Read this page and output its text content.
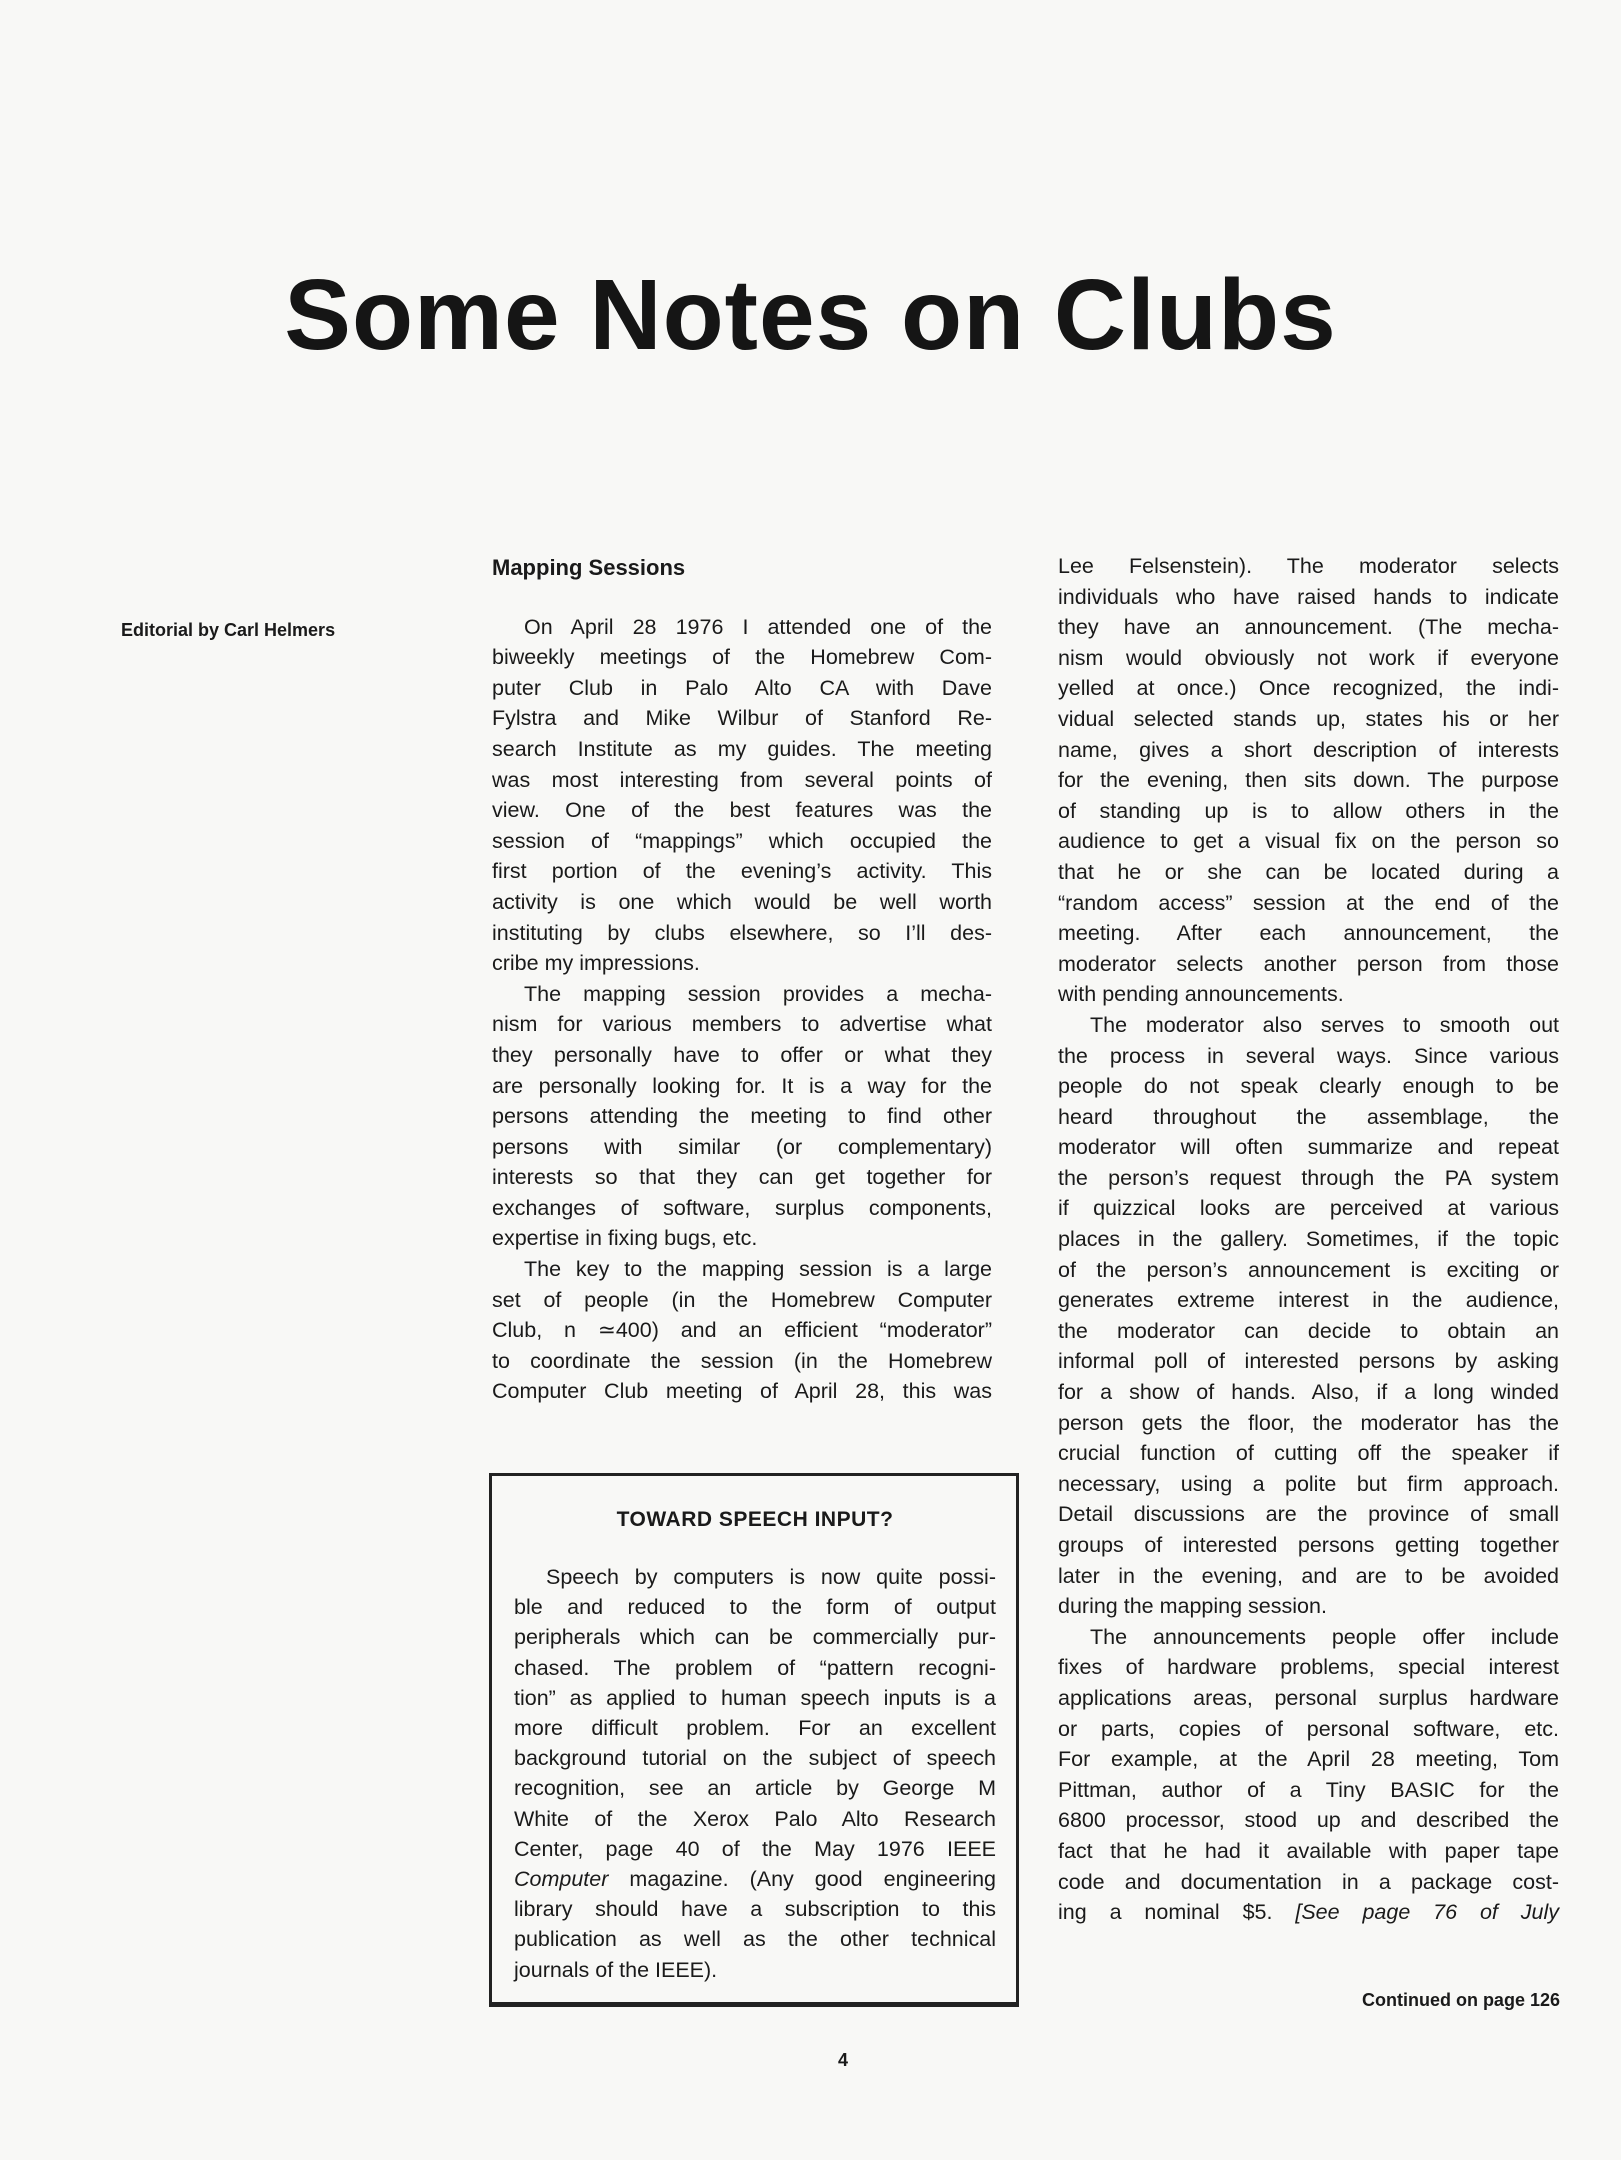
Some Notes on Clubs
Editorial by Carl Helmers
Mapping Sessions
On April 28 1976 I attended one of the
biweekly meetings of the Homebrew Com-
puter Club in Palo Alto CA with Dave
Fylstra and Mike Wilbur of Stanford Re-
search Institute as my guides. The meeting
was most interesting from several points of
view. One of the best features was the
session of “mappings” which occupied the
first portion of the evening’s activity. This
activity is one which would be well worth
instituting by clubs elsewhere, so I’ll des-
cribe my impressions.
The mapping session provides a mecha-
nism for various members to advertise what
they personally have to offer or what they
are personally looking for. It is a way for the
persons attending the meeting to find other
persons with similar (or complementary)
interests so that they can get together for
exchanges of software, surplus components,
expertise in fixing bugs, etc.
The key to the mapping session is a large
set of people (in the Homebrew Computer
Club, n ≃400) and an efficient “moderator”
to coordinate the session (in the Homebrew
Computer Club meeting of April 28, this was
Lee Felsenstein). The moderator selects
individuals who have raised hands to indicate
they have an announcement. (The mecha-
nism would obviously not work if everyone
yelled at once.) Once recognized, the indi-
vidual selected stands up, states his or her
name, gives a short description of interests
for the evening, then sits down. The purpose
of standing up is to allow others in the
audience to get a visual fix on the person so
that he or she can be located during a
“random access” session at the end of the
meeting. After each announcement, the
moderator selects another person from those
with pending announcements.
The moderator also serves to smooth out
the process in several ways. Since various
people do not speak clearly enough to be
heard throughout the assemblage, the
moderator will often summarize and repeat
the person’s request through the PA system
if quizzical looks are perceived at various
places in the gallery. Sometimes, if the topic
of the person’s announcement is exciting or
generates extreme interest in the audience,
the moderator can decide to obtain an
informal poll of interested persons by asking
for a show of hands. Also, if a long winded
person gets the floor, the moderator has the
crucial function of cutting off the speaker if
necessary, using a polite but firm approach.
Detail discussions are the province of small
groups of interested persons getting together
later in the evening, and are to be avoided
during the mapping session.
The announcements people offer include
fixes of hardware problems, special interest
applications areas, personal surplus hardware
or parts, copies of personal software, etc.
For example, at the April 28 meeting, Tom
Pittman, author of a Tiny BASIC for the
6800 processor, stood up and described the
fact that he had it available with paper tape
code and documentation in a package cost-
ing a nominal $5. [See page 76 of July
TOWARD SPEECH INPUT?
Speech by computers is now quite possi-
ble and reduced to the form of output
peripherals which can be commercially pur-
chased. The problem of “pattern recogni-
tion” as applied to human speech inputs is a
more difficult problem. For an excellent
background tutorial on the subject of speech
recognition, see an article by George M
White of the Xerox Palo Alto Research
Center, page 40 of the May 1976 IEEE
Computer magazine. (Any good engineering
library should have a subscription to this
publication as well as the other technical
journals of the IEEE).
Continued on page 126
4
